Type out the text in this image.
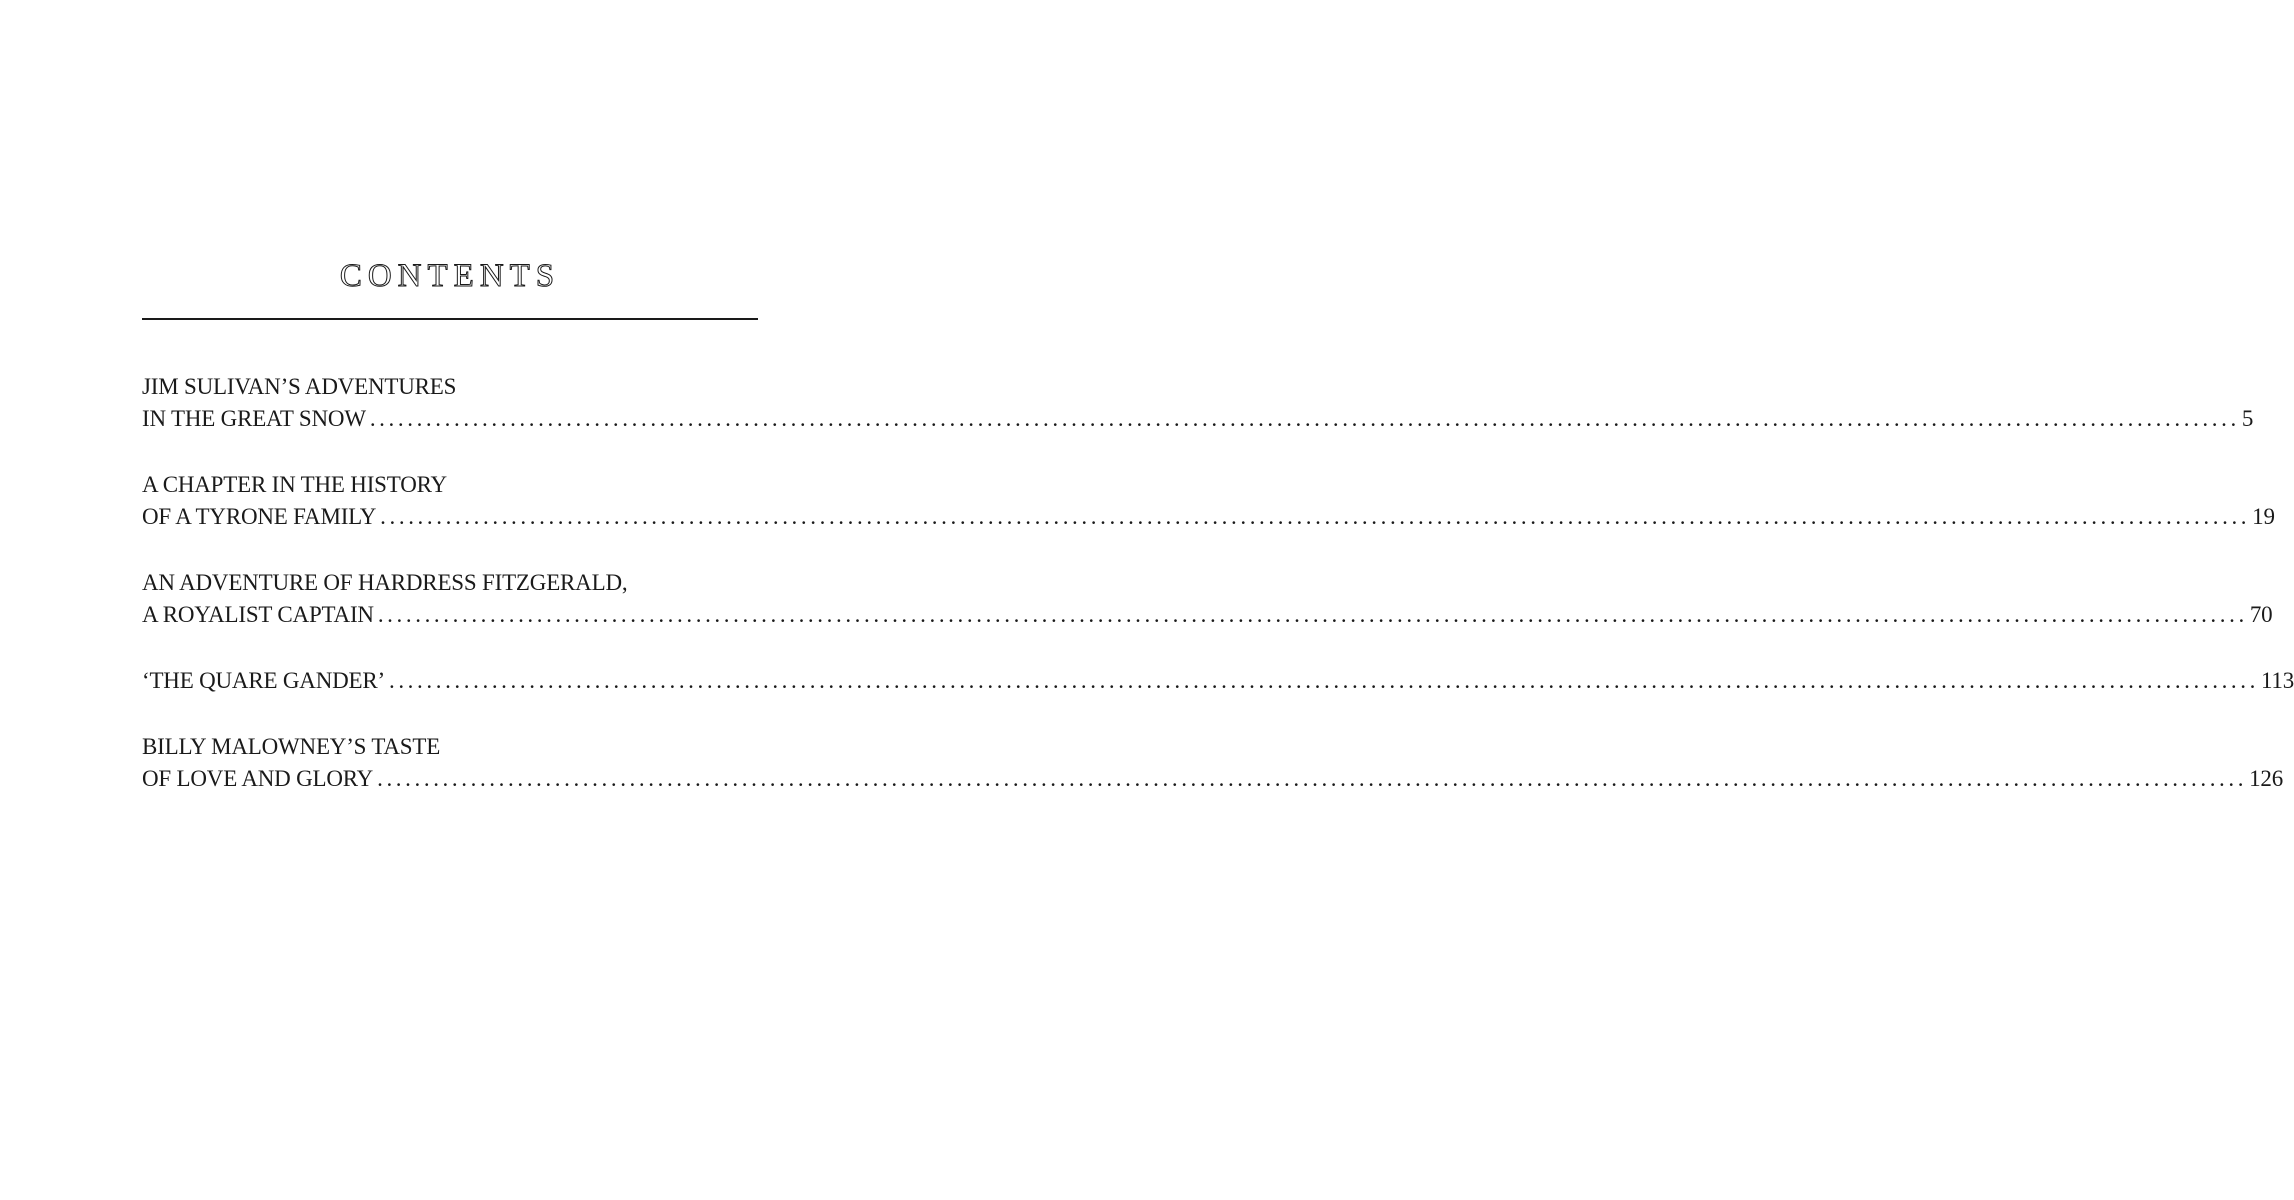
CONTENTS
JIM SULIVAN’S ADVENTURES
IN THE GREAT SNOW ........................................................................................................................................................................................................ 5
A CHAPTER IN THE HISTORY
OF A TYRONE FAMILY ........................................................................................................................................................................................................ 19
AN ADVENTURE OF HARDRESS FITZGERALD,
A ROYALIST CAPTAIN ........................................................................................................................................................................................................ 70
‘THE QUARE GANDER’ ........................................................................................................................................................................................................ 113
BILLY MALOWNEY’S TASTE
OF LOVE AND GLORY ........................................................................................................................................................................................................ 126
